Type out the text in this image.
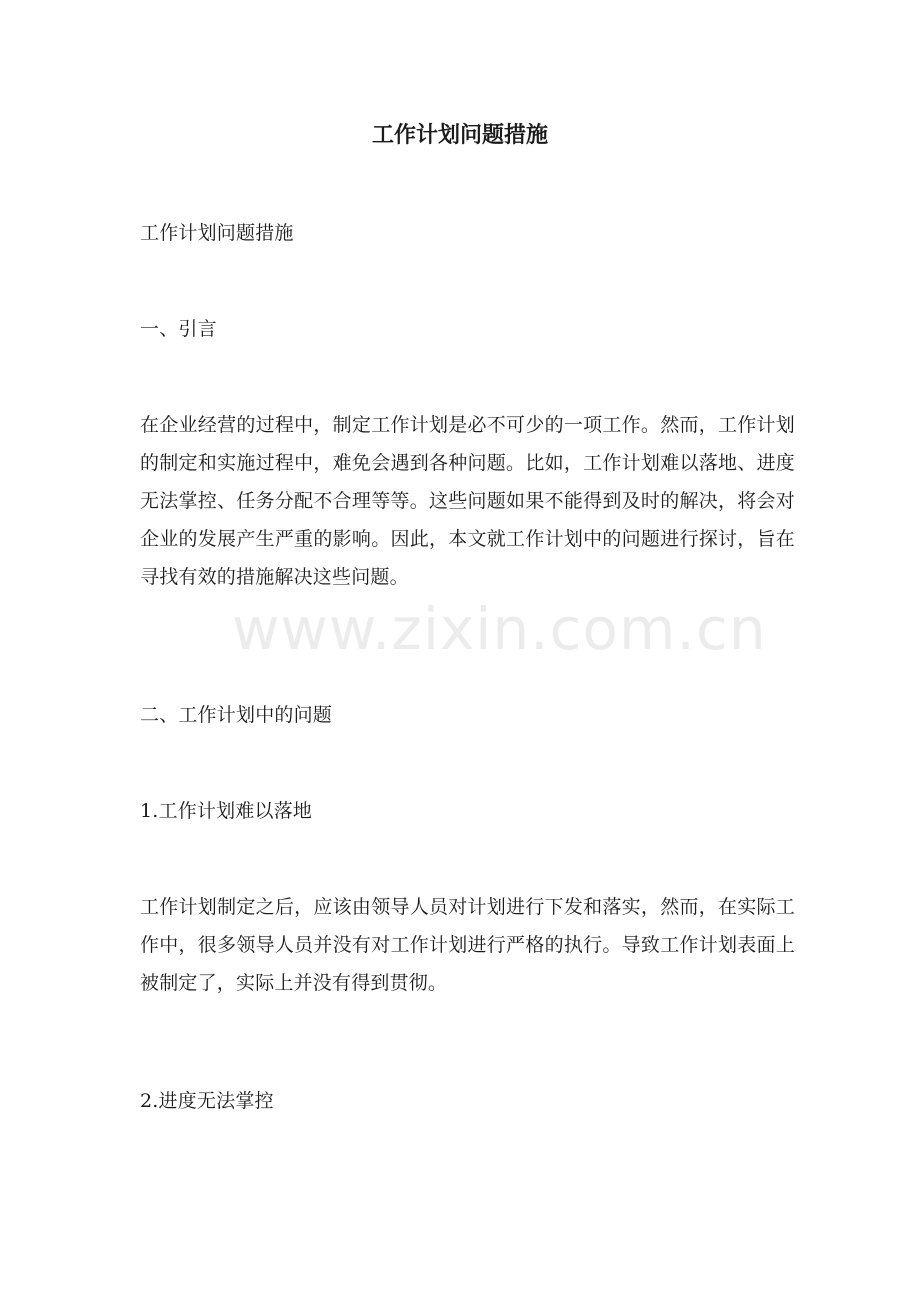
工作计划问题措施

工作计划问题措施

一、引言

在企业经营的过程中，制定工作计划是必不可少的一项工作。然而，工作计划的制定和实施过程中，难免会遇到各种问题。比如，工作计划难以落地、进度无法掌控、任务分配不合理等等。这些问题如果不能得到及时的解决，将会对企业的发展产生严重的影响。因此，本文就工作计划中的问题进行探讨，旨在寻找有效的措施解决这些问题。

二、工作计划中的问题

1.工作计划难以落地

工作计划制定之后，应该由领导人员对计划进行下发和落实，然而，在实际工作中，很多领导人员并没有对工作计划进行严格的执行。导致工作计划表面上被制定了，实际上并没有得到贯彻。

2.进度无法掌控

www.zixin.com.cn
